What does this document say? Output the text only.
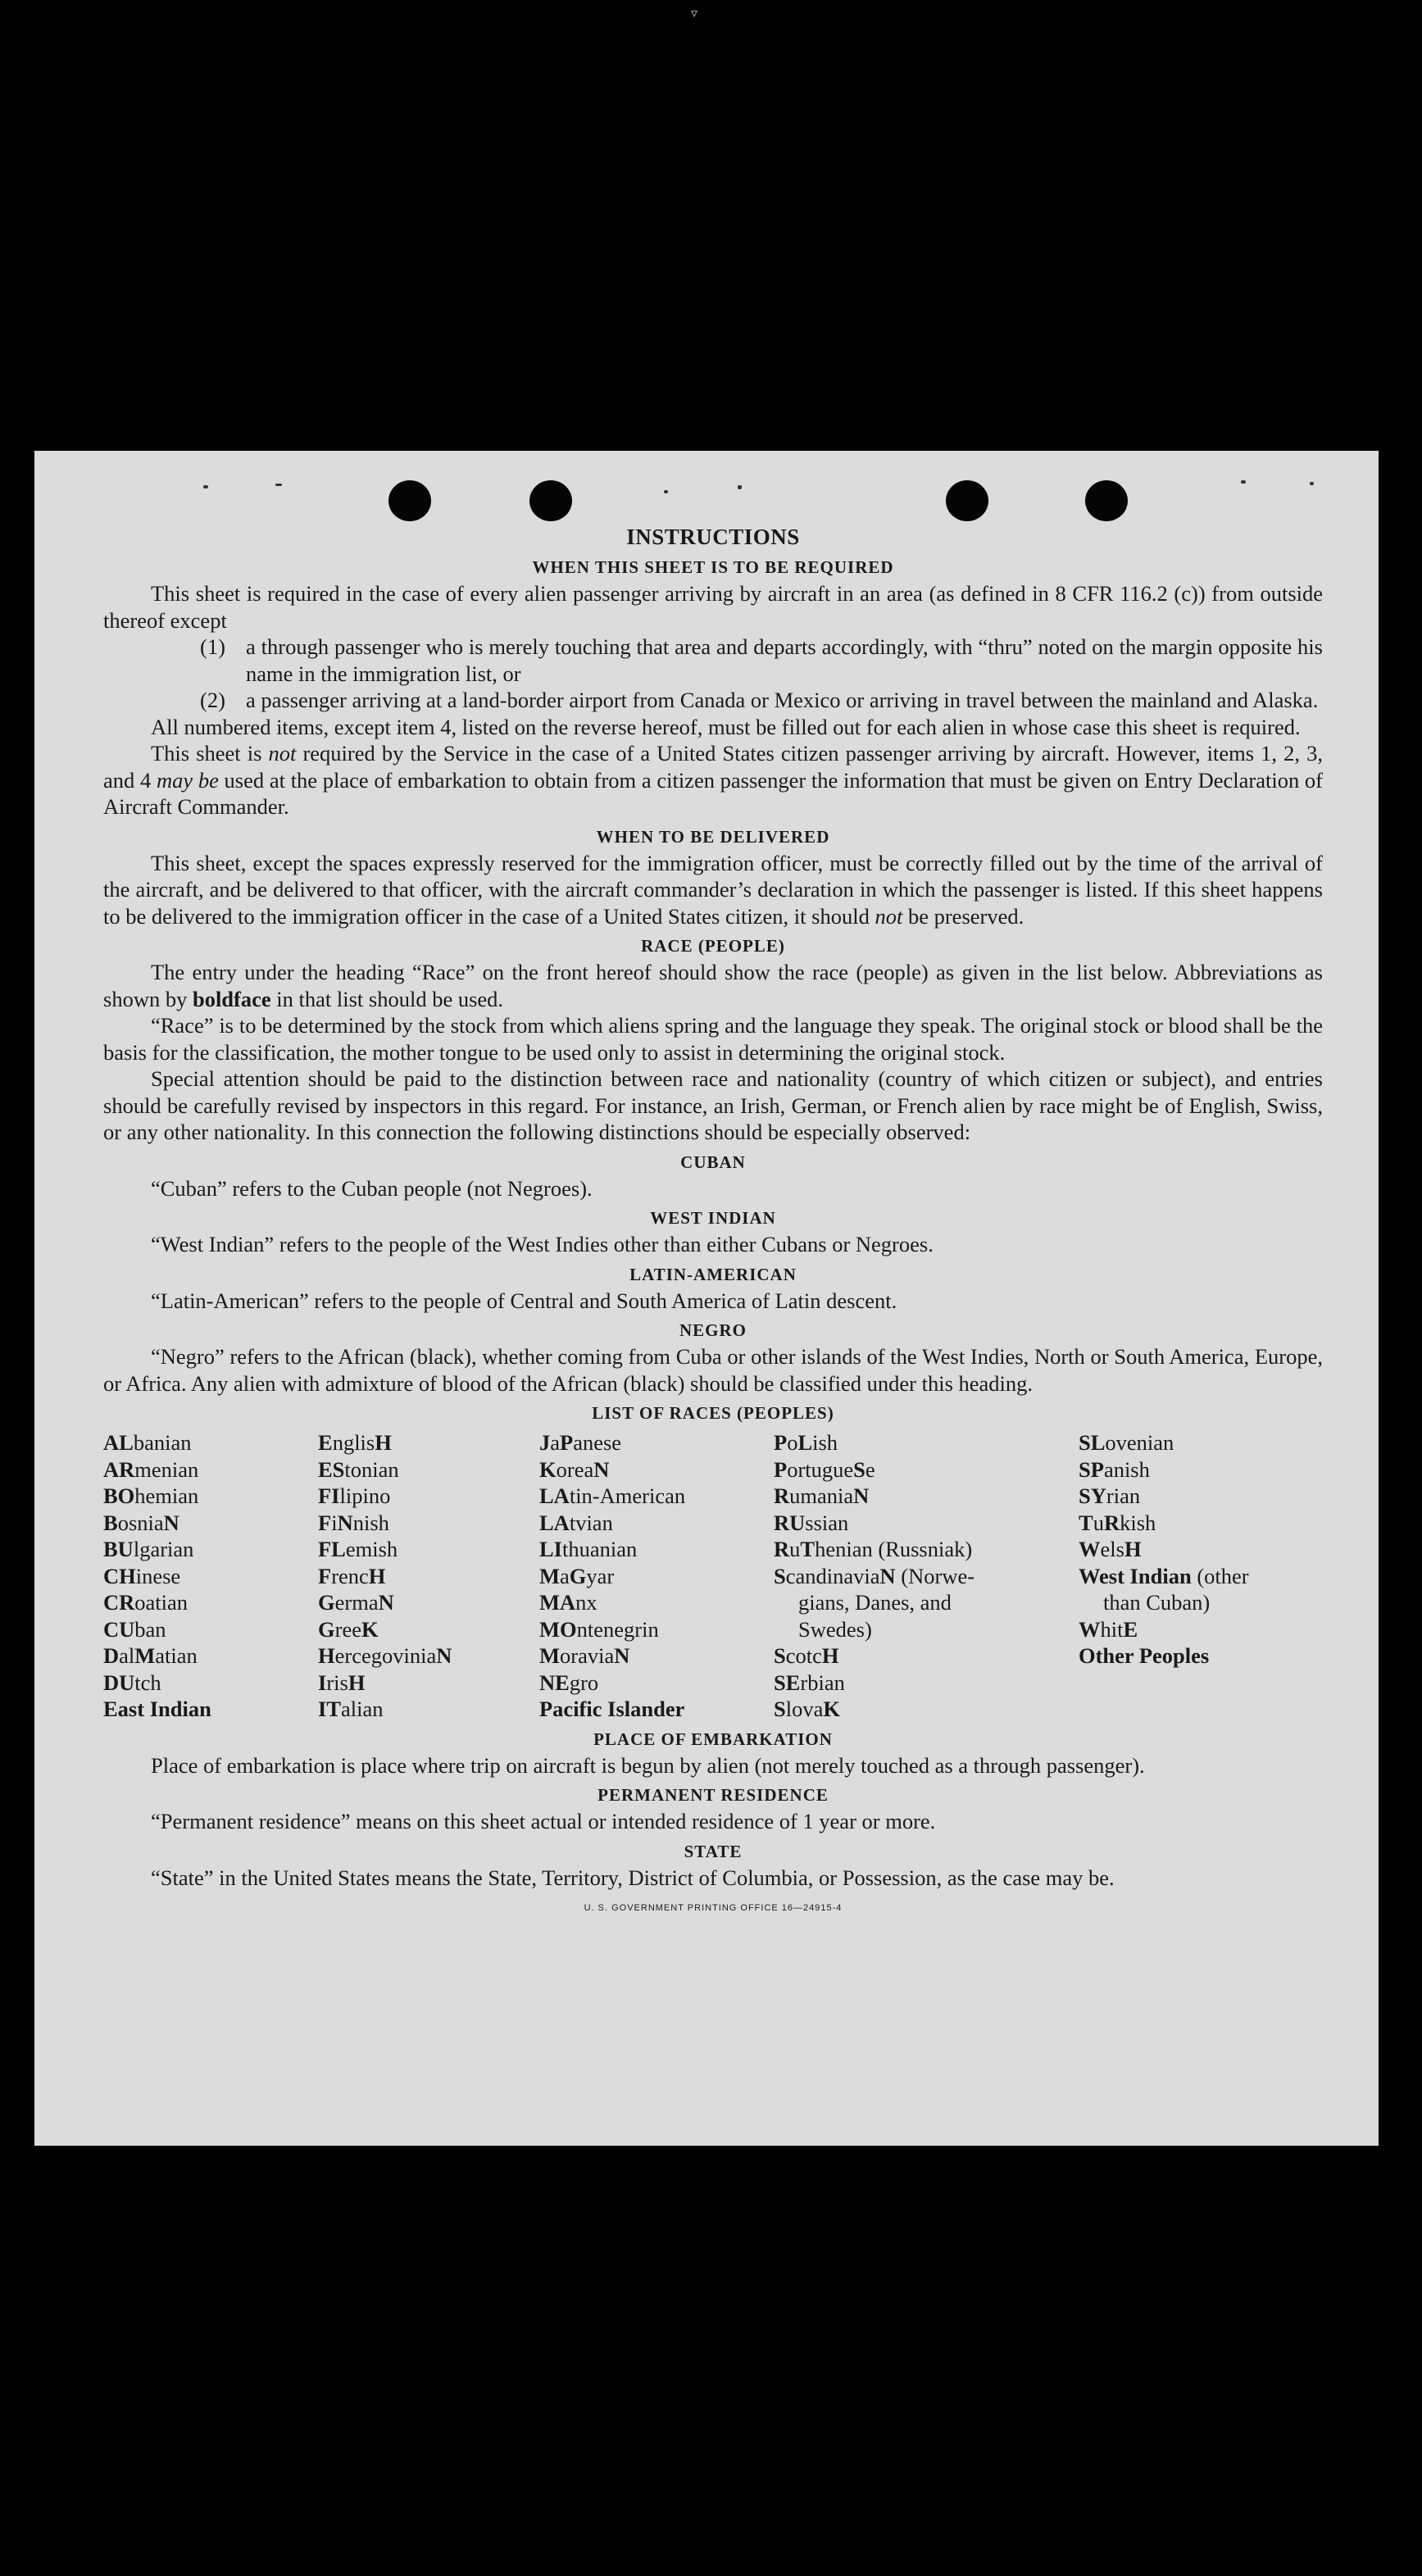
▿
INSTRUCTIONS
WHEN THIS SHEET IS TO BE REQUIRED

This sheet is required in the case of every alien passenger arriving by aircraft in an area (as defined in 8 CFR 116.2 (c)) from outside thereof except

(1) a through passenger who is merely touching that area and departs accordingly, with “thru” noted on the margin opposite his name in the immigration list, or
(2) a passenger arriving at a land-border airport from Canada or Mexico or arriving in travel between the mainland and Alaska.

All numbered items, except item 4, listed on the reverse hereof, must be filled out for each alien in whose case this sheet is required.

This sheet is not required by the Service in the case of a United States citizen passenger arriving by aircraft. However, items 1, 2, 3, and 4 may be used at the place of embarkation to obtain from a citizen passenger the information that must be given on Entry Declaration of Aircraft Commander.

WHEN TO BE DELIVERED

This sheet, except the spaces expressly reserved for the immigration officer, must be correctly filled out by the time of the arrival of the aircraft, and be delivered to that officer, with the aircraft commander’s declaration in which the passenger is listed. If this sheet happens to be delivered to the immigration officer in the case of a United States citizen, it should not be preserved.

RACE (PEOPLE)

The entry under the heading “Race” on the front hereof should show the race (people) as given in the list below. Abbreviations as shown by boldface in that list should be used.

“Race” is to be determined by the stock from which aliens spring and the language they speak. The original stock or blood shall be the basis for the classification, the mother tongue to be used only to assist in determining the original stock.

Special attention should be paid to the distinction between race and nationality (country of which citizen or subject), and entries should be carefully revised by inspectors in this regard. For instance, an Irish, German, or French alien by race might be of English, Swiss, or any other nationality. In this connection the following distinctions should be especially observed:

CUBAN

“Cuban” refers to the Cuban people (not Negroes).

WEST INDIAN

“West Indian” refers to the people of the West Indies other than either Cubans or Negroes.

LATIN-AMERICAN

“Latin-American” refers to the people of Central and South America of Latin descent.

NEGRO

“Negro” refers to the African (black), whether coming from Cuba or other islands of the West Indies, North or South America, Europe, or Africa. Any alien with admixture of blood of the African (black) should be classified under this heading.

LIST OF RACES (PEOPLES)
ALbanian
ARmenian
BOhemian
BosniaN
BUlgarian
CHinese
CRoatian
CUban
DalMatian
DUtch
East Indian
EnglisH
EStonian
FIlipino
FiNnish
FLemish
FrencH
GermaN
GreeK
HercegoviniaN
IrisH
ITalian
JaPanese
KoreaN
LAtin-American
LAtvian
LIthuanian
MaGyar
MAnx
MOntenegrin
MoraviaN
NEgro
Pacific Islander
PoLish
PortugueSe
RumaniaN
RUssian
RuThenian (Russniak)
ScandinaviaN (Norwe-
gians, Danes, and
Swedes)
ScotcH
SErbian
SlovaK
SLovenian
SPanish
SYrian
TuRkish
WelsH
West Indian (other
than Cuban)
WhitE
Other Peoples
PLACE OF EMBARKATION

Place of embarkation is place where trip on aircraft is begun by alien (not merely touched as a through passenger).

PERMANENT RESIDENCE

“Permanent residence” means on this sheet actual or intended residence of 1 year or more.

STATE

“State” in the United States means the State, Territory, District of Columbia, or Possession, as the case may be.

U. S. GOVERNMENT PRINTING OFFICE 16—24915-4
